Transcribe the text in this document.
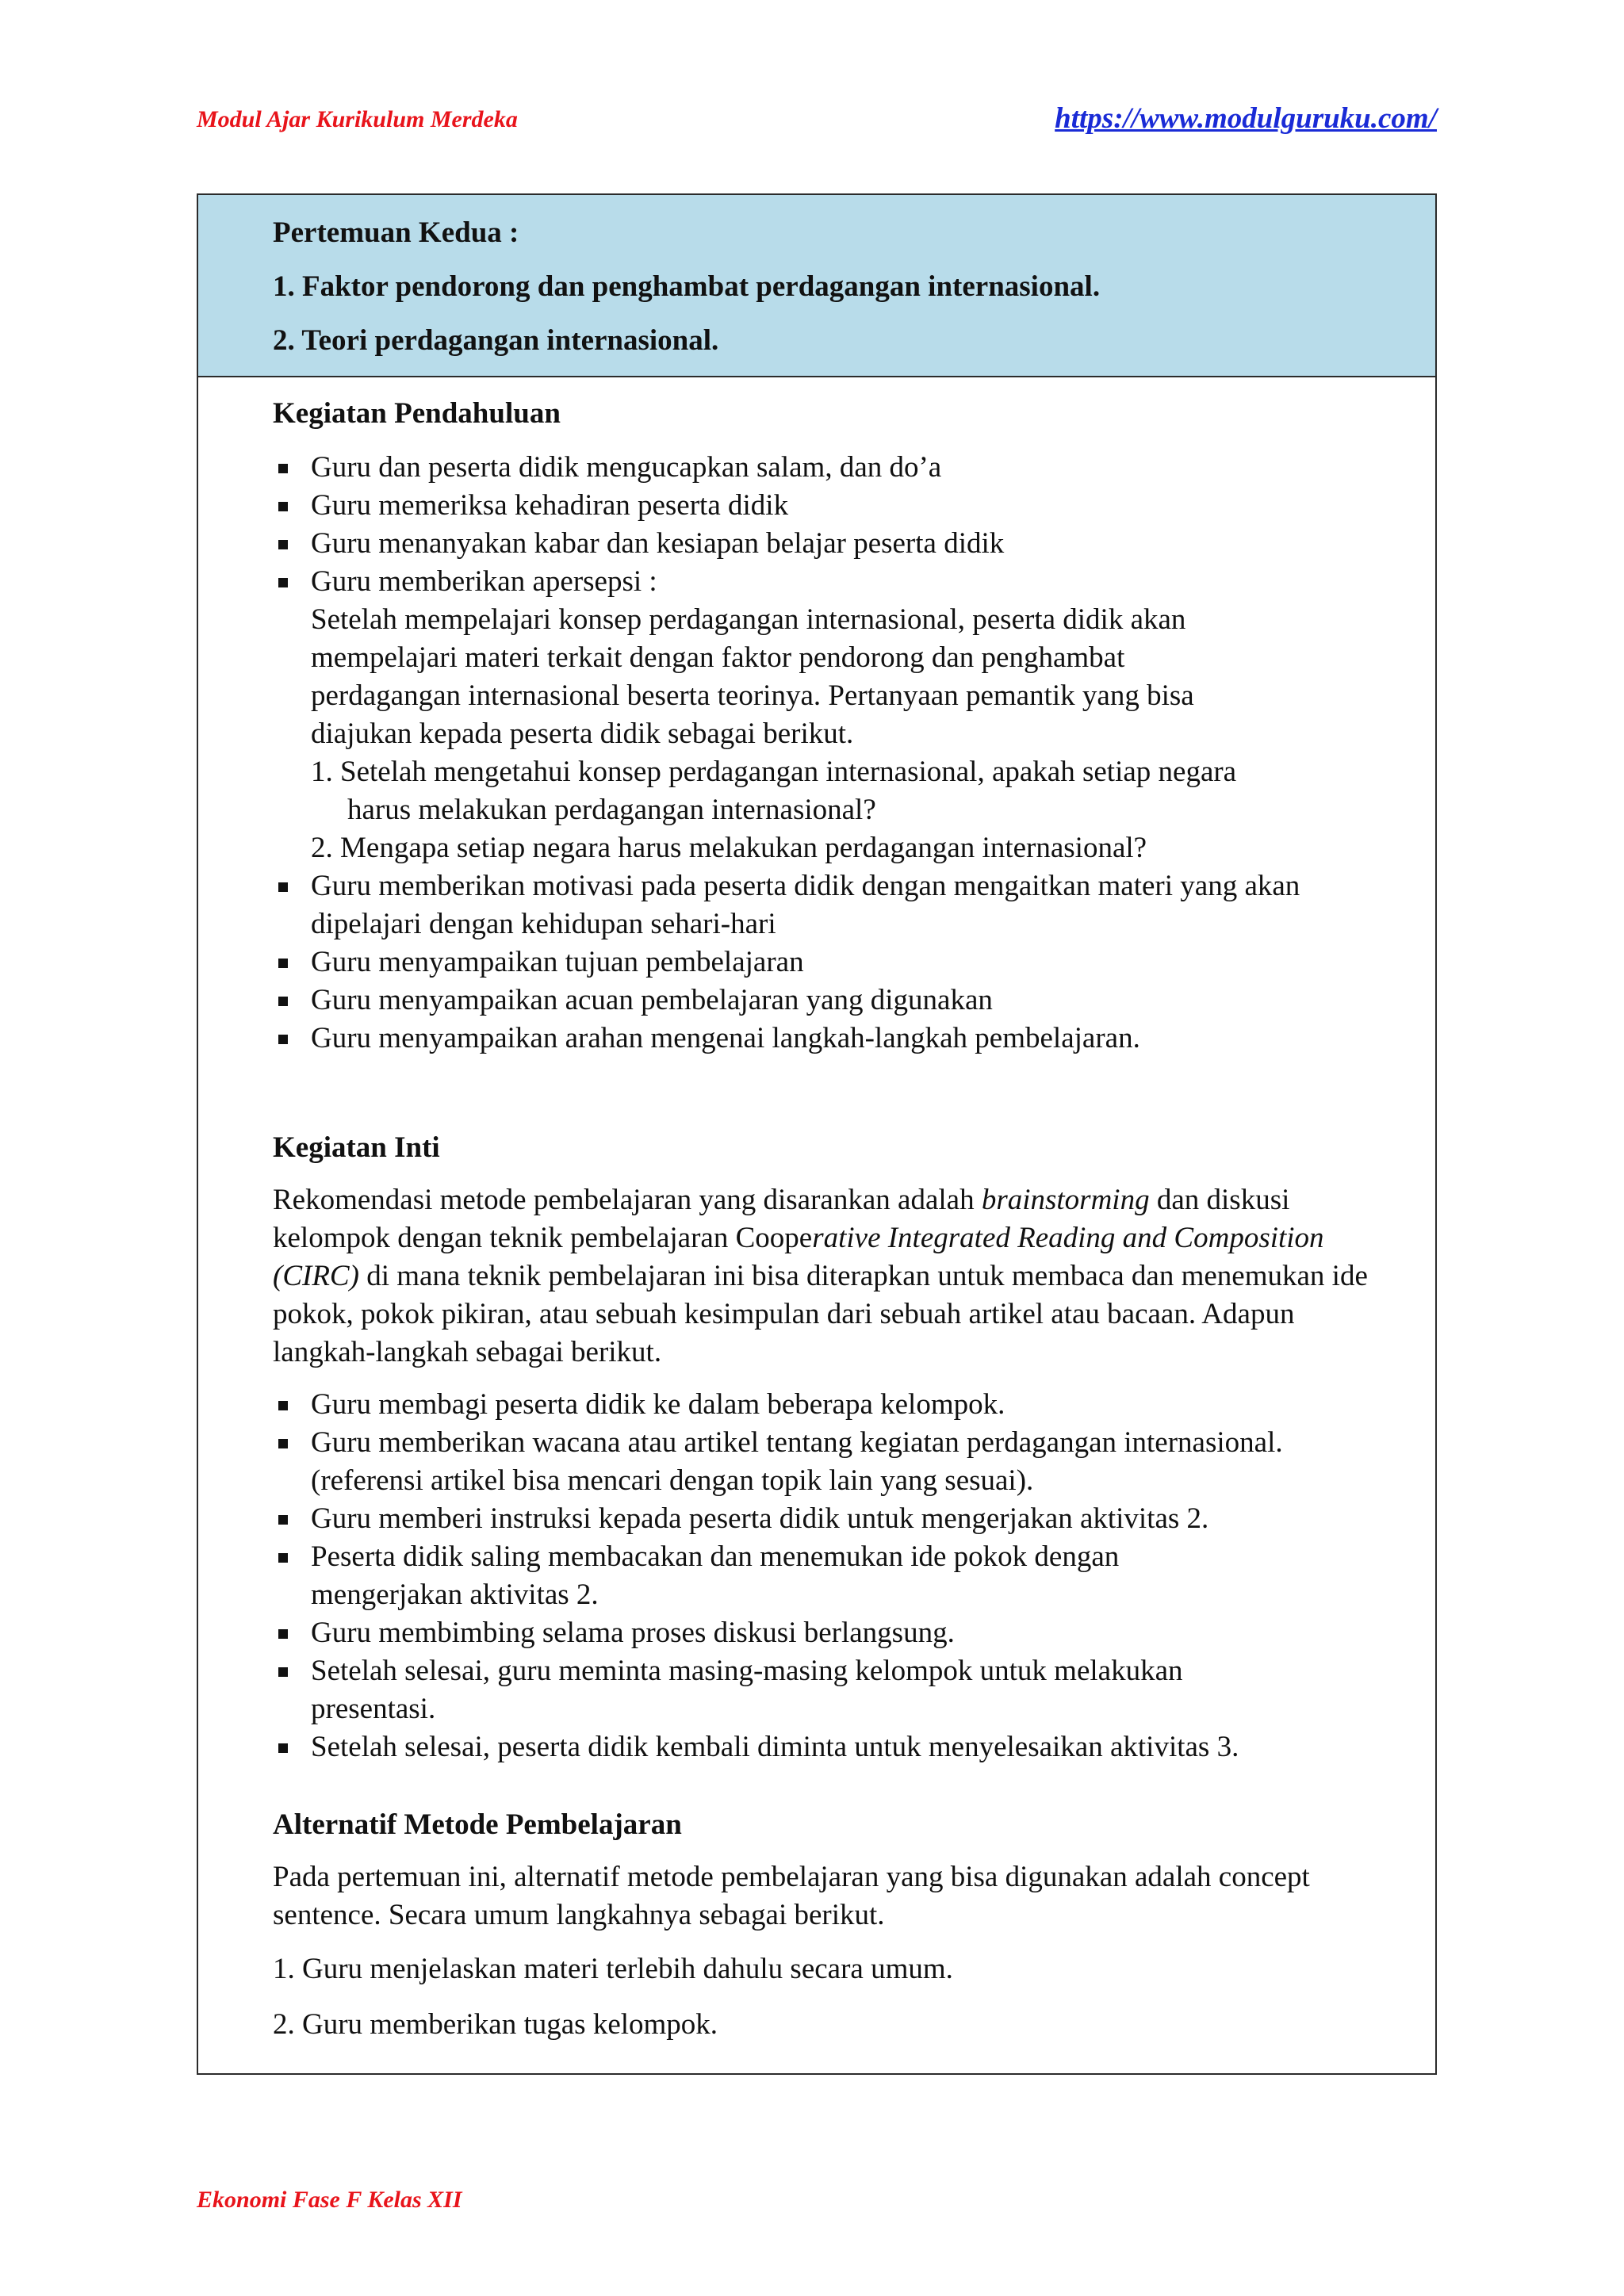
Modul Ajar Kurikulum Merdeka	https://www.modulguruku.com/

Pertemuan Kedua :

1. Faktor pendorong dan penghambat perdagangan internasional.

2. Teori perdagangan internasional.

Kegiatan Pendahuluan
Guru dan peserta didik mengucapkan salam, dan do’a
Guru memeriksa kehadiran peserta didik
Guru menanyakan kabar dan kesiapan belajar peserta didik
Guru memberikan apersepsi :
Setelah mempelajari konsep perdagangan internasional, peserta didik akan mempelajari materi terkait dengan faktor pendorong dan penghambat perdagangan internasional beserta teorinya. Pertanyaan pemantik yang bisa diajukan kepada peserta didik sebagai berikut.
1. Setelah mengetahui konsep perdagangan internasional, apakah setiap negara harus melakukan perdagangan internasional?
2. Mengapa setiap negara harus melakukan perdagangan internasional?
Guru memberikan motivasi pada peserta didik dengan mengaitkan materi yang akan dipelajari dengan kehidupan sehari-hari
Guru menyampaikan tujuan pembelajaran
Guru menyampaikan acuan pembelajaran yang digunakan
Guru menyampaikan arahan mengenai langkah-langkah pembelajaran.
Kegiatan Inti

Rekomendasi metode pembelajaran yang disarankan adalah brainstorming dan diskusi kelompok dengan teknik pembelajaran Cooperative Integrated Reading and Composition (CIRC) di mana teknik pembelajaran ini bisa diterapkan untuk membaca dan menemukan ide pokok, pokok pikiran, atau sebuah kesimpulan dari sebuah artikel atau bacaan. Adapun langkah-langkah sebagai berikut.

Guru membagi peserta didik ke dalam beberapa kelompok.
Guru memberikan wacana atau artikel tentang kegiatan perdagangan internasional. (referensi artikel bisa mencari dengan topik lain yang sesuai).
Guru memberi instruksi kepada peserta didik untuk mengerjakan aktivitas 2.
Peserta didik saling membacakan dan menemukan ide pokok dengan mengerjakan aktivitas 2.
Guru membimbing selama proses diskusi berlangsung.
Setelah selesai, guru meminta masing-masing kelompok untuk melakukan presentasi.
Setelah selesai, peserta didik kembali diminta untuk menyelesaikan aktivitas 3.
Alternatif Metode Pembelajaran

Pada pertemuan ini, alternatif metode pembelajaran yang bisa digunakan adalah concept sentence. Secara umum langkahnya sebagai berikut.

1. Guru menjelaskan materi terlebih dahulu secara umum.

2. Guru memberikan tugas kelompok.

Ekonomi Fase F Kelas XII
